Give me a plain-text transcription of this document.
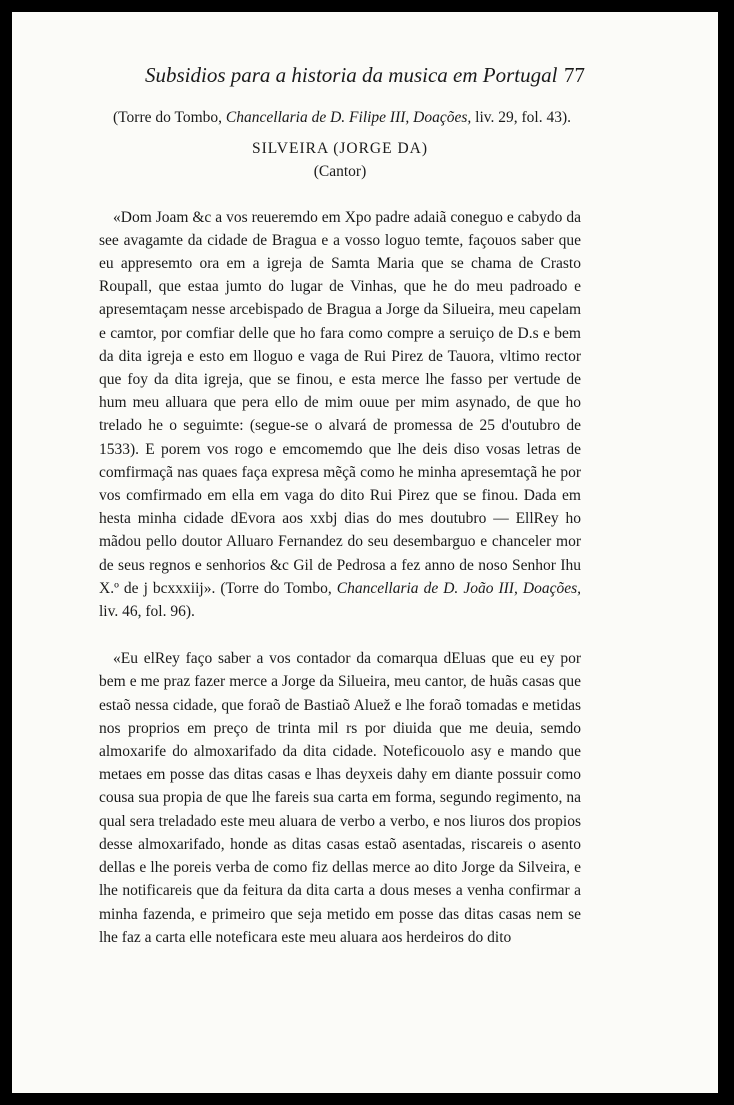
Subsidios para a historia da musica em Portugal 77

(Torre do Tombo, Chancellaria de D. Filipe III, Doações, liv. 29, fol. 43).

SILVEIRA (JORGE DA)

(Cantor)

«Dom Joam &c a vos reueremdo em Xpo padre adaiã coneguo e cabydo da see avagamte da cidade de Bragua e a vosso loguo temte, façouos saber que eu appresemto ora em a igreja de Samta Maria que se chama de Crasto Roupall, que estaa jumto do lugar de Vinhas, que he do meu padroado e apresemtaçam nesse arcebispado de Bragua a Jorge da Silueira, meu capelam e camtor, por comfiar delle que ho fara como compre a seruiço de D.s e bem da dita igreja e esto em lloguo e vaga de Rui Pirez de Tauora, vltimo rector que foy da dita igreja, que se finou, e esta merce lhe fasso per vertude de hum meu alluara que pera ello de mim ouue per mim asynado, de que ho trelado he o seguimte: (segue-se o alvará de promessa de 25 d'outubro de 1533). E porem vos rogo e emcomemdo que lhe deis diso vosas letras de comfirmaçã nas quaes faça expresa mẽçã como he minha apresemtaçã he por vos comfirmado em ella em vaga do dito Rui Pirez que se finou. Dada em hesta minha cidade dEvora aos xxbj dias do mes doutubro — EllRey ho mãdou pello doutor Alluaro Fernandez do seu desembarguo e chanceler mor de seus regnos e senhorios &c Gil de Pedrosa a fez anno de noso Senhor Ihu X.º de j bcxxxiij». (Torre do Tombo, Chancellaria de D. João III, Doações, liv. 46, fol. 96).

«Eu elRey faço saber a vos contador da comarqua dEluas que eu ey por bem e me praz fazer merce a Jorge da Silueira, meu cantor, de huãs casas que estaõ nessa cidade, que foraõ de Bastiaõ Aluež e lhe foraõ tomadas e metidas nos proprios em preço de trinta mil rs por diuida que me deuia, semdo almoxarife do almoxarifado da dita cidade. Noteficouolo asy e mando que metaes em posse das ditas casas e lhas deyxeis dahy em diante possuir como cousa sua propia de que lhe fareis sua carta em forma, segundo regimento, na qual sera treladado este meu aluara de verbo a verbo, e nos liuros dos propios desse almoxarifado, honde as ditas casas estaõ asentadas, riscareis o asento dellas e lhe poreis verba de como fiz dellas merce ao dito Jorge da Silveira, e lhe notificareis que da feitura da dita carta a dous meses a venha confirmar a minha fazenda, e primeiro que seja metido em posse das ditas casas nem se lhe faz a carta elle noteficara este meu aluara aos herdeiros do dito
